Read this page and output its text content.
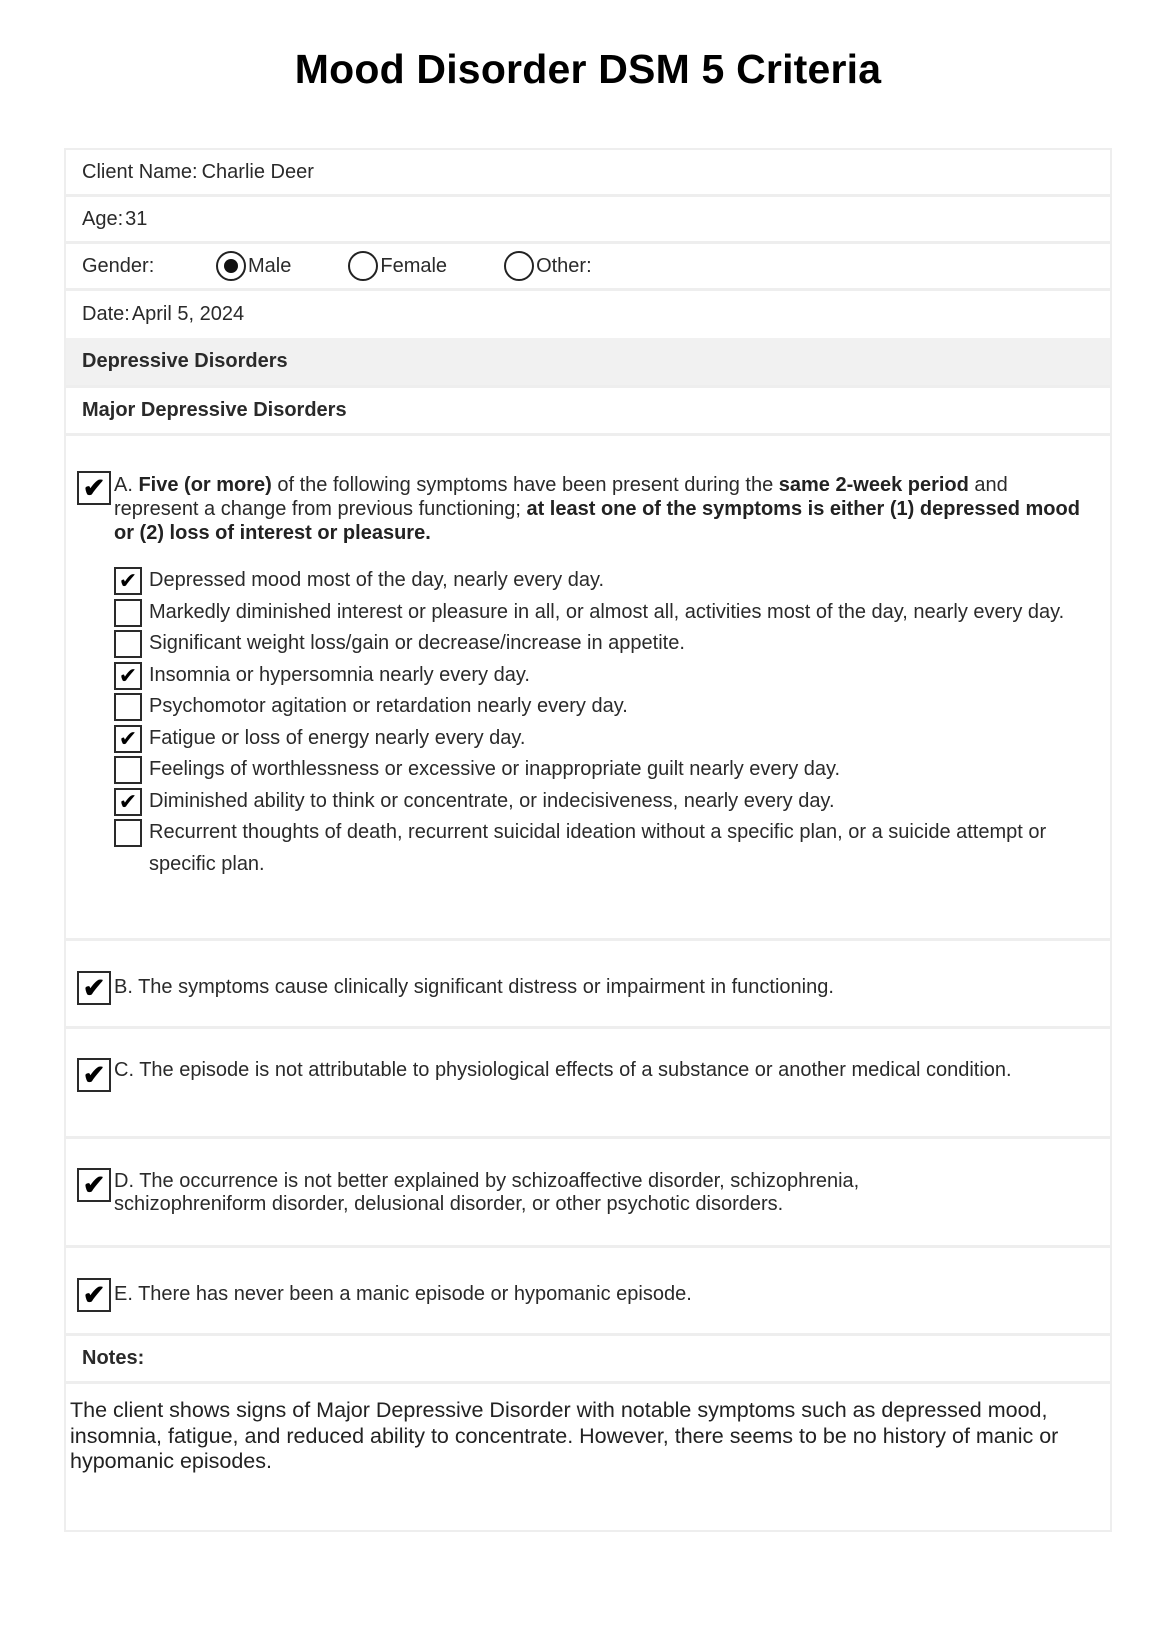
Mood Disorder DSM 5 Criteria
Client Name: Charlie Deer
Age: 31
Gender:	Male	Female	Other:
Date: April 5, 2024
Depressive Disorders
Major Depressive Disorders
✔ A. Five (or more) of the following symptoms have been present during the same 2-week period and represent a change from previous functioning; at least one of the symptoms is either (1) depressed mood or (2) loss of interest or pleasure.
✔ Depressed mood most of the day, nearly every day.
Markedly diminished interest or pleasure in all, or almost all, activities most of the day, nearly every day.
Significant weight loss/gain or decrease/increase in appetite.
✔ Insomnia or hypersomnia nearly every day.
Psychomotor agitation or retardation nearly every day.
✔ Fatigue or loss of energy nearly every day.
Feelings of worthlessness or excessive or inappropriate guilt nearly every day.
✔ Diminished ability to think or concentrate, or indecisiveness, nearly every day.
Recurrent thoughts of death, recurrent suicidal ideation without a specific plan, or a suicide attempt or specific plan.
✔ B. The symptoms cause clinically significant distress or impairment in functioning.
✔ C. The episode is not attributable to physiological effects of a substance or another medical condition.
✔ D. The occurrence is not better explained by schizoaffective disorder, schizophrenia, schizophreniform disorder, delusional disorder, or other psychotic disorders.
✔ E. There has never been a manic episode or hypomanic episode.
Notes:
The client shows signs of Major Depressive Disorder with notable symptoms such as depressed mood, insomnia, fatigue, and reduced ability to concentrate. However, there seems to be no history of manic or hypomanic episodes.
